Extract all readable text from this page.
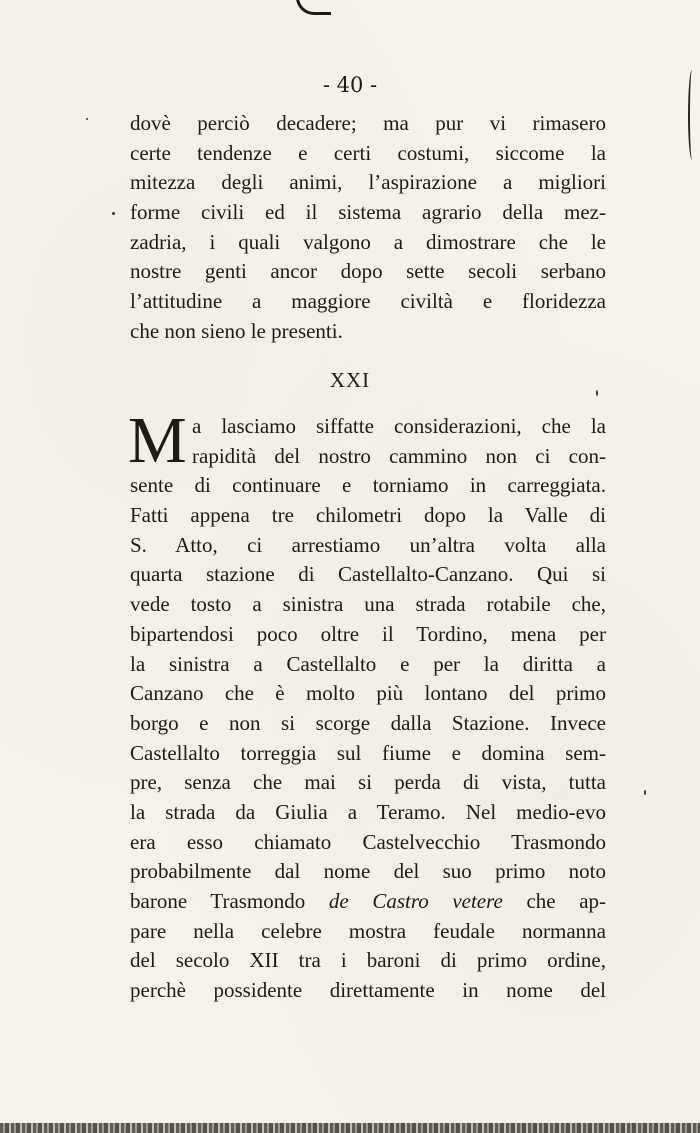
- 40 -
dovè perciò decadere; ma pur vi rimasero
certe tendenze e certi costumi, siccome la
mitezza degli animi, l’aspirazione a migliori
forme civili ed il sistema agrario della mez-
zadria, i quali valgono a dimostrare che le
nostre genti ancor dopo sette secoli serbano
l’attitudine a maggiore civiltà e floridezza
che non sieno le presenti.
XXI
M a lasciamo siffatte considerazioni, che la
rapidità del nostro cammino non ci con-
sente di continuare e torniamo in carreggiata.
Fatti appena tre chilometri dopo la Valle di
S. Atto, ci arrestiamo un’altra volta alla
quarta stazione di Castellalto-Canzano. Qui si
vede tosto a sinistra una strada rotabile che,
bipartendosi poco oltre il Tordino, mena per
la sinistra a Castellalto e per la diritta a
Canzano che è molto più lontano del primo
borgo e non si scorge dalla Stazione. Invece
Castellalto torreggia sul fiume e domina sem-
pre, senza che mai si perda di vista, tutta
la strada da Giulia a Teramo. Nel medio-evo
era esso chiamato Castelvecchio Trasmondo
probabilmente dal nome del suo primo noto
barone Trasmondo de Castro vetere che ap-
pare nella celebre mostra feudale normanna
del secolo XII tra i baroni di primo ordine,
perchè possidente direttamente in nome del
